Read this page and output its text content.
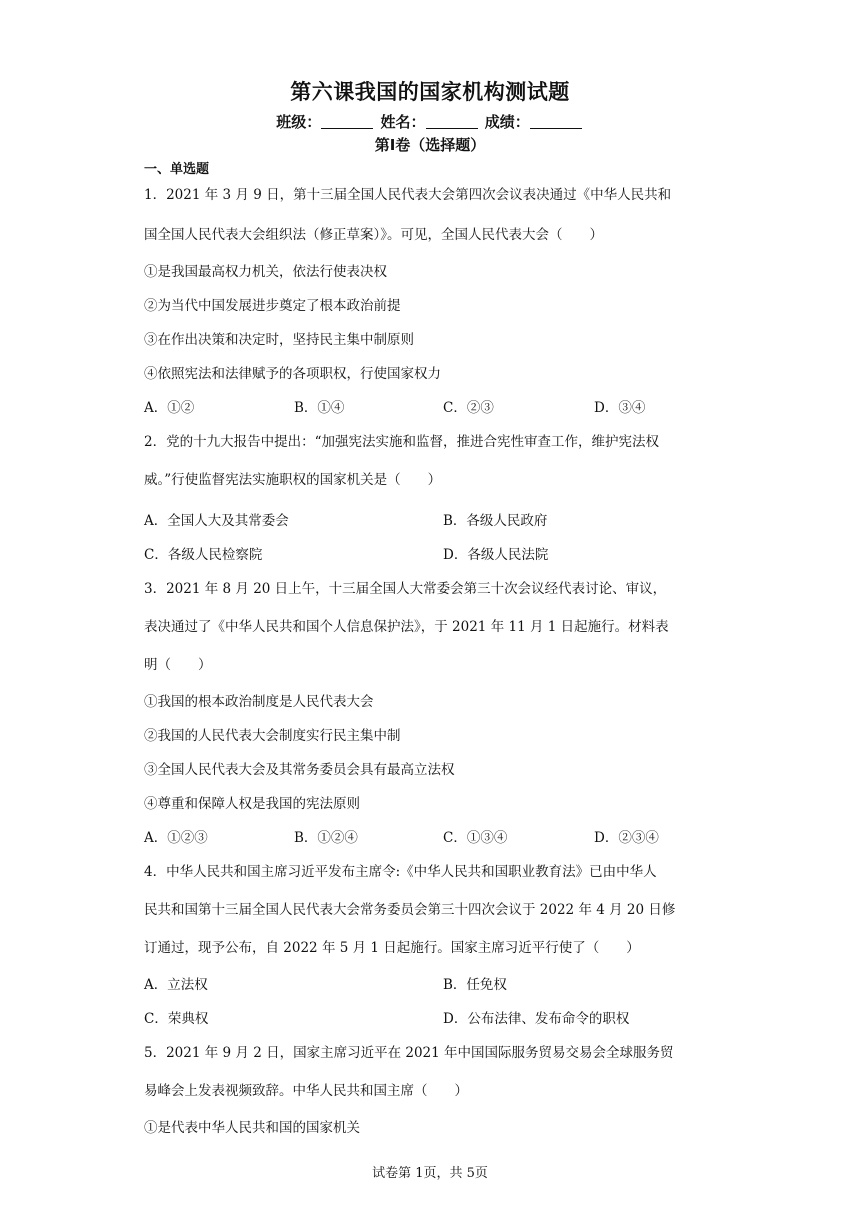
第六课我国的国家机构测试题
班级：	姓名：	成绩：
第Ⅰ卷（选择题）
一、单选题
1．2021 年 3 月 9 日，第十三届全国人民代表大会第四次会议表决通过《中华人民共和
国全国人民代表大会组织法（修正草案）》。可见，全国人民代表大会（　　）
①是我国最高权力机关，依法行使表决权
②为当代中国发展进步奠定了根本政治前提
③在作出决策和决定时，坚持民主集中制原则
④依照宪法和法律赋予的各项职权，行使国家权力
A．①②	B．①④	C．②③	D．③④
2．党的十九大报告中提出：“加强宪法实施和监督，推进合宪性审查工作，维护宪法权
威。”行使监督宪法实施职权的国家机关是（　　）
A．全国人大及其常委会	B．各级人民政府
C．各级人民检察院	D．各级人民法院
3．2021 年 8 月 20 日上午，十三届全国人大常委会第三十次会议经代表讨论、审议，
表决通过了《中华人民共和国个人信息保护法》，于 2021 年 11 月 1 日起施行。材料表
明（　　）
①我国的根本政治制度是人民代表大会
②我国的人民代表大会制度实行民主集中制
③全国人民代表大会及其常务委员会具有最高立法权
④尊重和保障人权是我国的宪法原则
A．①②③	B．①②④	C．①③④	D．②③④
4．中华人民共和国主席习近平发布主席令:《中华人民共和国职业教育法》已由中华人
民共和国第十三届全国人民代表大会常务委员会第三十四次会议于 2022 年 4 月 20 日修
订通过，现予公布，自 2022 年 5 月 1 日起施行。国家主席习近平行使了（　　）
A．立法权	B．任免权
C．荣典权	D．公布法律、发布命令的职权
5．2021 年 9 月 2 日，国家主席习近平在 2021 年中国国际服务贸易交易会全球服务贸
易峰会上发表视频致辞。中华人民共和国主席（　　）
①是代表中华人民共和国的国家机关
试卷第 1页，共 5页
